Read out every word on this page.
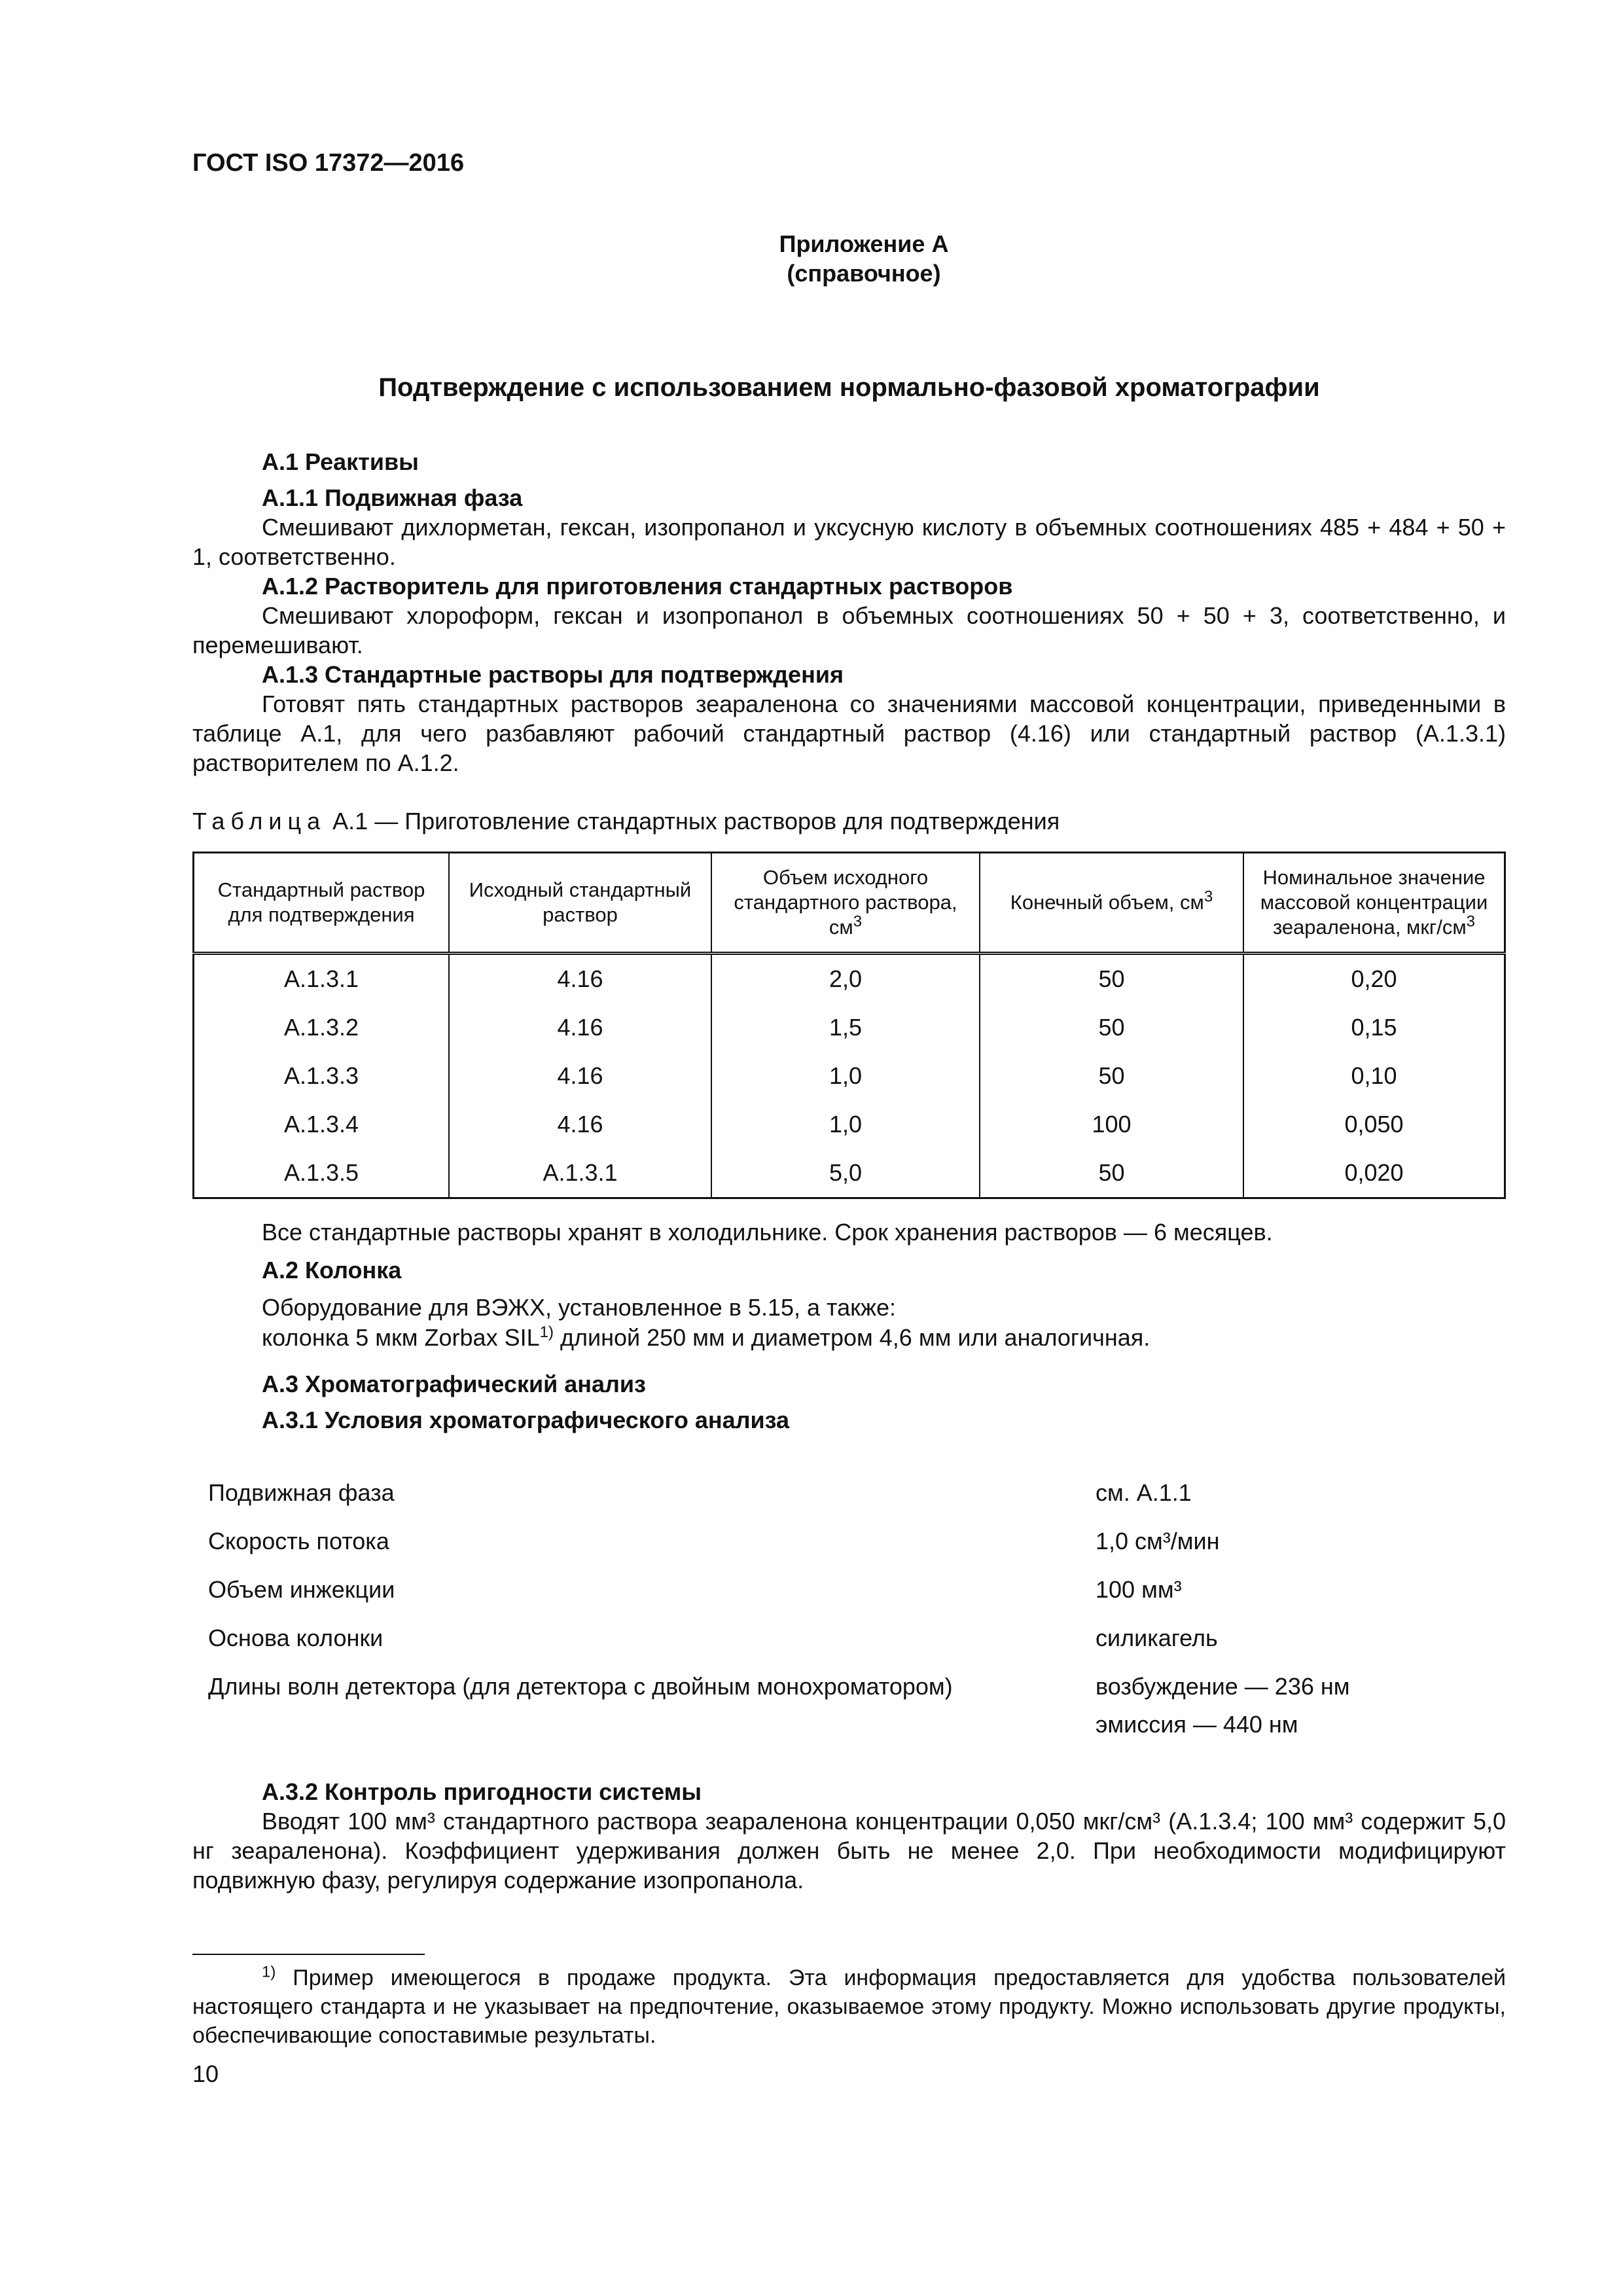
ГОСТ ISO 17372—2016
Приложение А
(справочное)
Подтверждение с использованием нормально-фазовой хроматографии
А.1 Реактивы
А.1.1 Подвижная фаза
Смешивают дихлорметан, гексан, изопропанол и уксусную кислоту в объемных соотношениях 485 + 484 + 50 + 1, соответственно.
А.1.2 Растворитель для приготовления стандартных растворов
Смешивают хлороформ, гексан и изопропанол в объемных соотношениях 50 + 50 + 3, соответственно, и перемешивают.
А.1.3 Стандартные растворы для подтверждения
Готовят пять стандартных растворов зеараленона со значениями массовой концентрации, приведенными в таблице А.1, для чего разбавляют рабочий стандартный раствор (4.16) или стандартный раствор (А.1.3.1) растворителем по А.1.2.
Таблица А.1 — Приготовление стандартных растворов для подтверждения
Стандартный раствор для подтверждения	Исходный стандартный раствор	Объем исходного стандартного раствора, $см^3$	Конечный объем, $см^3$	Номинальное значение массовой концентрации зеараленона, мкг/$см^3$
А.1.3.1	4.16	2,0	50	0,20
А.1.3.2	4.16	1,5	50	0,15
А.1.3.3	4.16	1,0	50	0,10
А.1.3.4	4.16	1,0	100	0,050
А.1.3.5	А.1.3.1	5,0	50	0,020
Все стандартные растворы хранят в холодильнике. Срок хранения растворов — 6 месяцев.
А.2 Колонка
Оборудование для ВЭЖХ, установленное в 5.15, а также:
колонка 5 мкм Zorbax SIL$^{1)}$ длиной 250 мм и диаметром 4,6 мм или аналогичная.
А.3 Хроматографический анализ
А.3.1 Условия хроматографического анализа
Подвижная фаза	см. А.1.1
Скорость потока	1,0 см³/мин
Объем инжекции	100 мм³
Основа колонки	силикагель
Длины волн детектора (для детектора с двойным монохроматором)	возбуждение — 236 нм
эмиссия — 440 нм
А.3.2 Контроль пригодности системы
Вводят 100 мм³ стандартного раствора зеараленона концентрации 0,050 мкг/см³ (А.1.3.4; 100 мм³ содержит 5,0 нг зеараленона). Коэффициент удерживания должен быть не менее 2,0. При необходимости модифицируют подвижную фазу, регулируя содержание изопропанола.
$^{1)}$ Пример имеющегося в продаже продукта. Эта информация предоставляется для удобства пользователей настоящего стандарта и не указывает на предпочтение, оказываемое этому продукту. Можно использовать другие продукты, обеспечивающие сопоставимые результаты.
10
